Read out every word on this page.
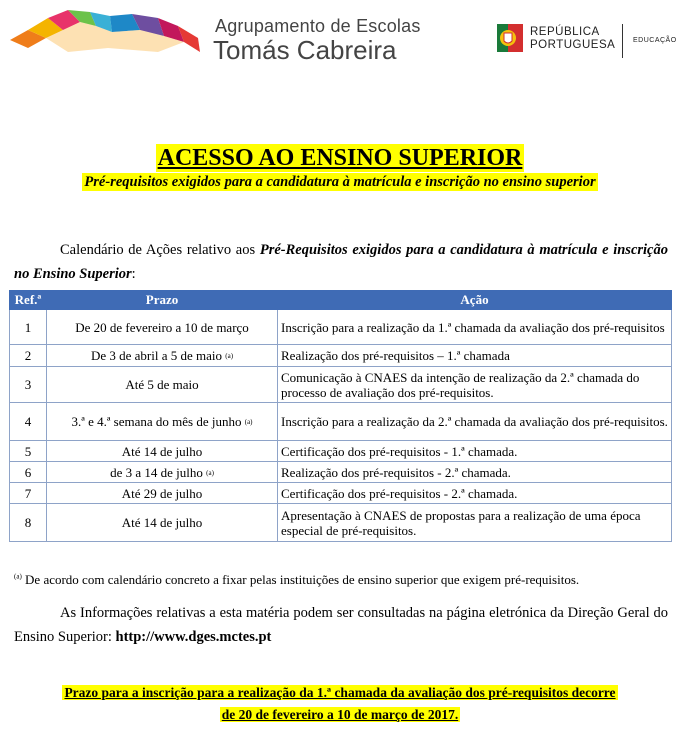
Agrupamento de Escolas
Tomás Cabreira
REPÚBLICA
PORTUGUESA	EDUCAÇÃO
ACESSO AO ENSINO SUPERIOR
Pré-requisitos exigidos para a candidatura à matrícula e inscrição no ensino superior
Calendário de Ações relativo aos Pré-Requisitos exigidos para a candidatura à matrícula e inscrição no Ensino Superior:
Ref.ª	Prazo	Ação
1	De 20 de fevereiro a 10 de março	Inscrição para a realização da 1.ª chamada da avaliação dos pré-requisitos
2	De 3 de abril a 5 de maio $^{(a)}$	Realização dos pré-requisitos – 1.ª chamada
3	Até 5 de maio	Comunicação à CNAES da intenção de realização da 2.ª chamada do processo de avaliação dos pré-requisitos.
4	3.ª e 4.ª semana do mês de junho $^{(a)}$	Inscrição para a realização da 2.ª chamada da avaliação dos pré-requisitos.
5	Até 14 de julho	Certificação dos pré-requisitos - 1.ª chamada.
6	de 3 a 14 de julho $^{(a)}$	Realização dos pré-requisitos - 2.ª chamada.
7	Até 29 de julho	Certificação dos pré-requisitos - 2.ª chamada.
8	Até 14 de julho	Apresentação à CNAES de propostas para a realização de uma época especial de pré-requisitos.
$^{(a)}$ De acordo com calendário concreto a fixar pelas instituições de ensino superior que exigem pré-requisitos.
As Informações relativas a esta matéria podem ser consultadas na página eletrónica da Direção Geral do Ensino Superior: http://www.dges.mctes.pt
Prazo para a inscrição para a realização da 1.ª chamada da avaliação dos pré-requisitos decorre
de 20 de fevereiro a 10 de março de 2017.
